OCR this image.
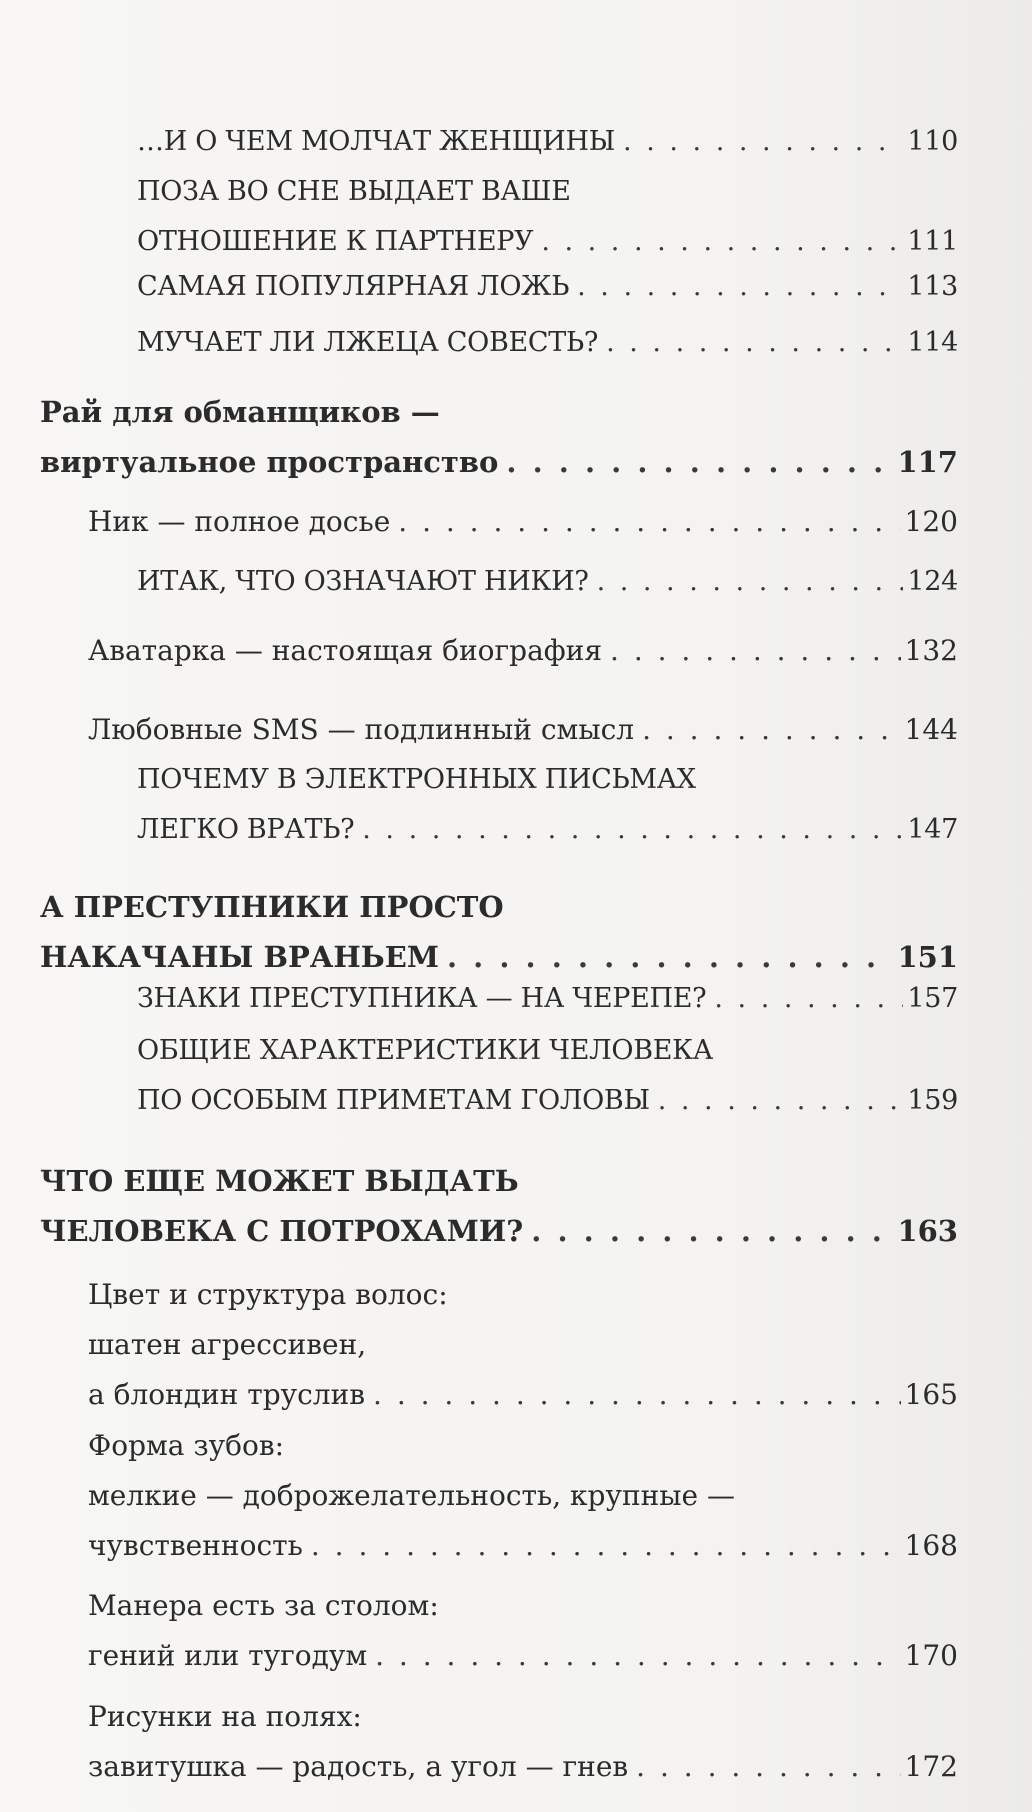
…И О ЧЕМ МОЛЧАТ ЖЕНЩИНЫ . . .	110
ПОЗА ВО СНЕ ВЫДАЕТ ВАШЕ
ОТНОШЕНИЕ К ПАРТНЕРУ . . .	111
САМАЯ ПОПУЛЯРНАЯ ЛОЖЬ . . .	113
МУЧАЕТ ЛИ ЛЖЕЦА СОВЕСТЬ? . . .	114
Рай для обманщиков —
виртуальное пространство . . .	117
Ник — полное досье . . .	120
ИТАК, ЧТО ОЗНАЧАЮТ НИКИ? . . .	124
Аватарка — настоящая биография . . .	132
Любовные SMS — подлинный смысл . . .	144
ПОЧЕМУ В ЭЛЕКТРОННЫХ ПИСЬМАХ
ЛЕГКО ВРАТЬ? . . .	147
А ПРЕСТУПНИКИ ПРОСТО
НАКАЧАНЫ ВРАНЬЕМ . . .	151
ЗНАКИ ПРЕСТУПНИКА — НА ЧЕРЕПЕ? . . .	157
ОБЩИЕ ХАРАКТЕРИСТИКИ ЧЕЛОВЕКА
ПО ОСОБЫМ ПРИМЕТАМ ГОЛОВЫ . . .	159
ЧТО ЕЩЕ МОЖЕТ ВЫДАТЬ
ЧЕЛОВЕКА С ПОТРОХАМИ? . . .	163
Цвет и структура волос:
шатен агрессивен,
а блондин труслив . . .	165
Форма зубов:
мелкие — доброжелательность, крупные —
чувственность . . .	168
Манера есть за столом:
гений или тугодум . . .	170
Рисунки на полях:
завитушка — радость, а угол — гнев . . .	172
